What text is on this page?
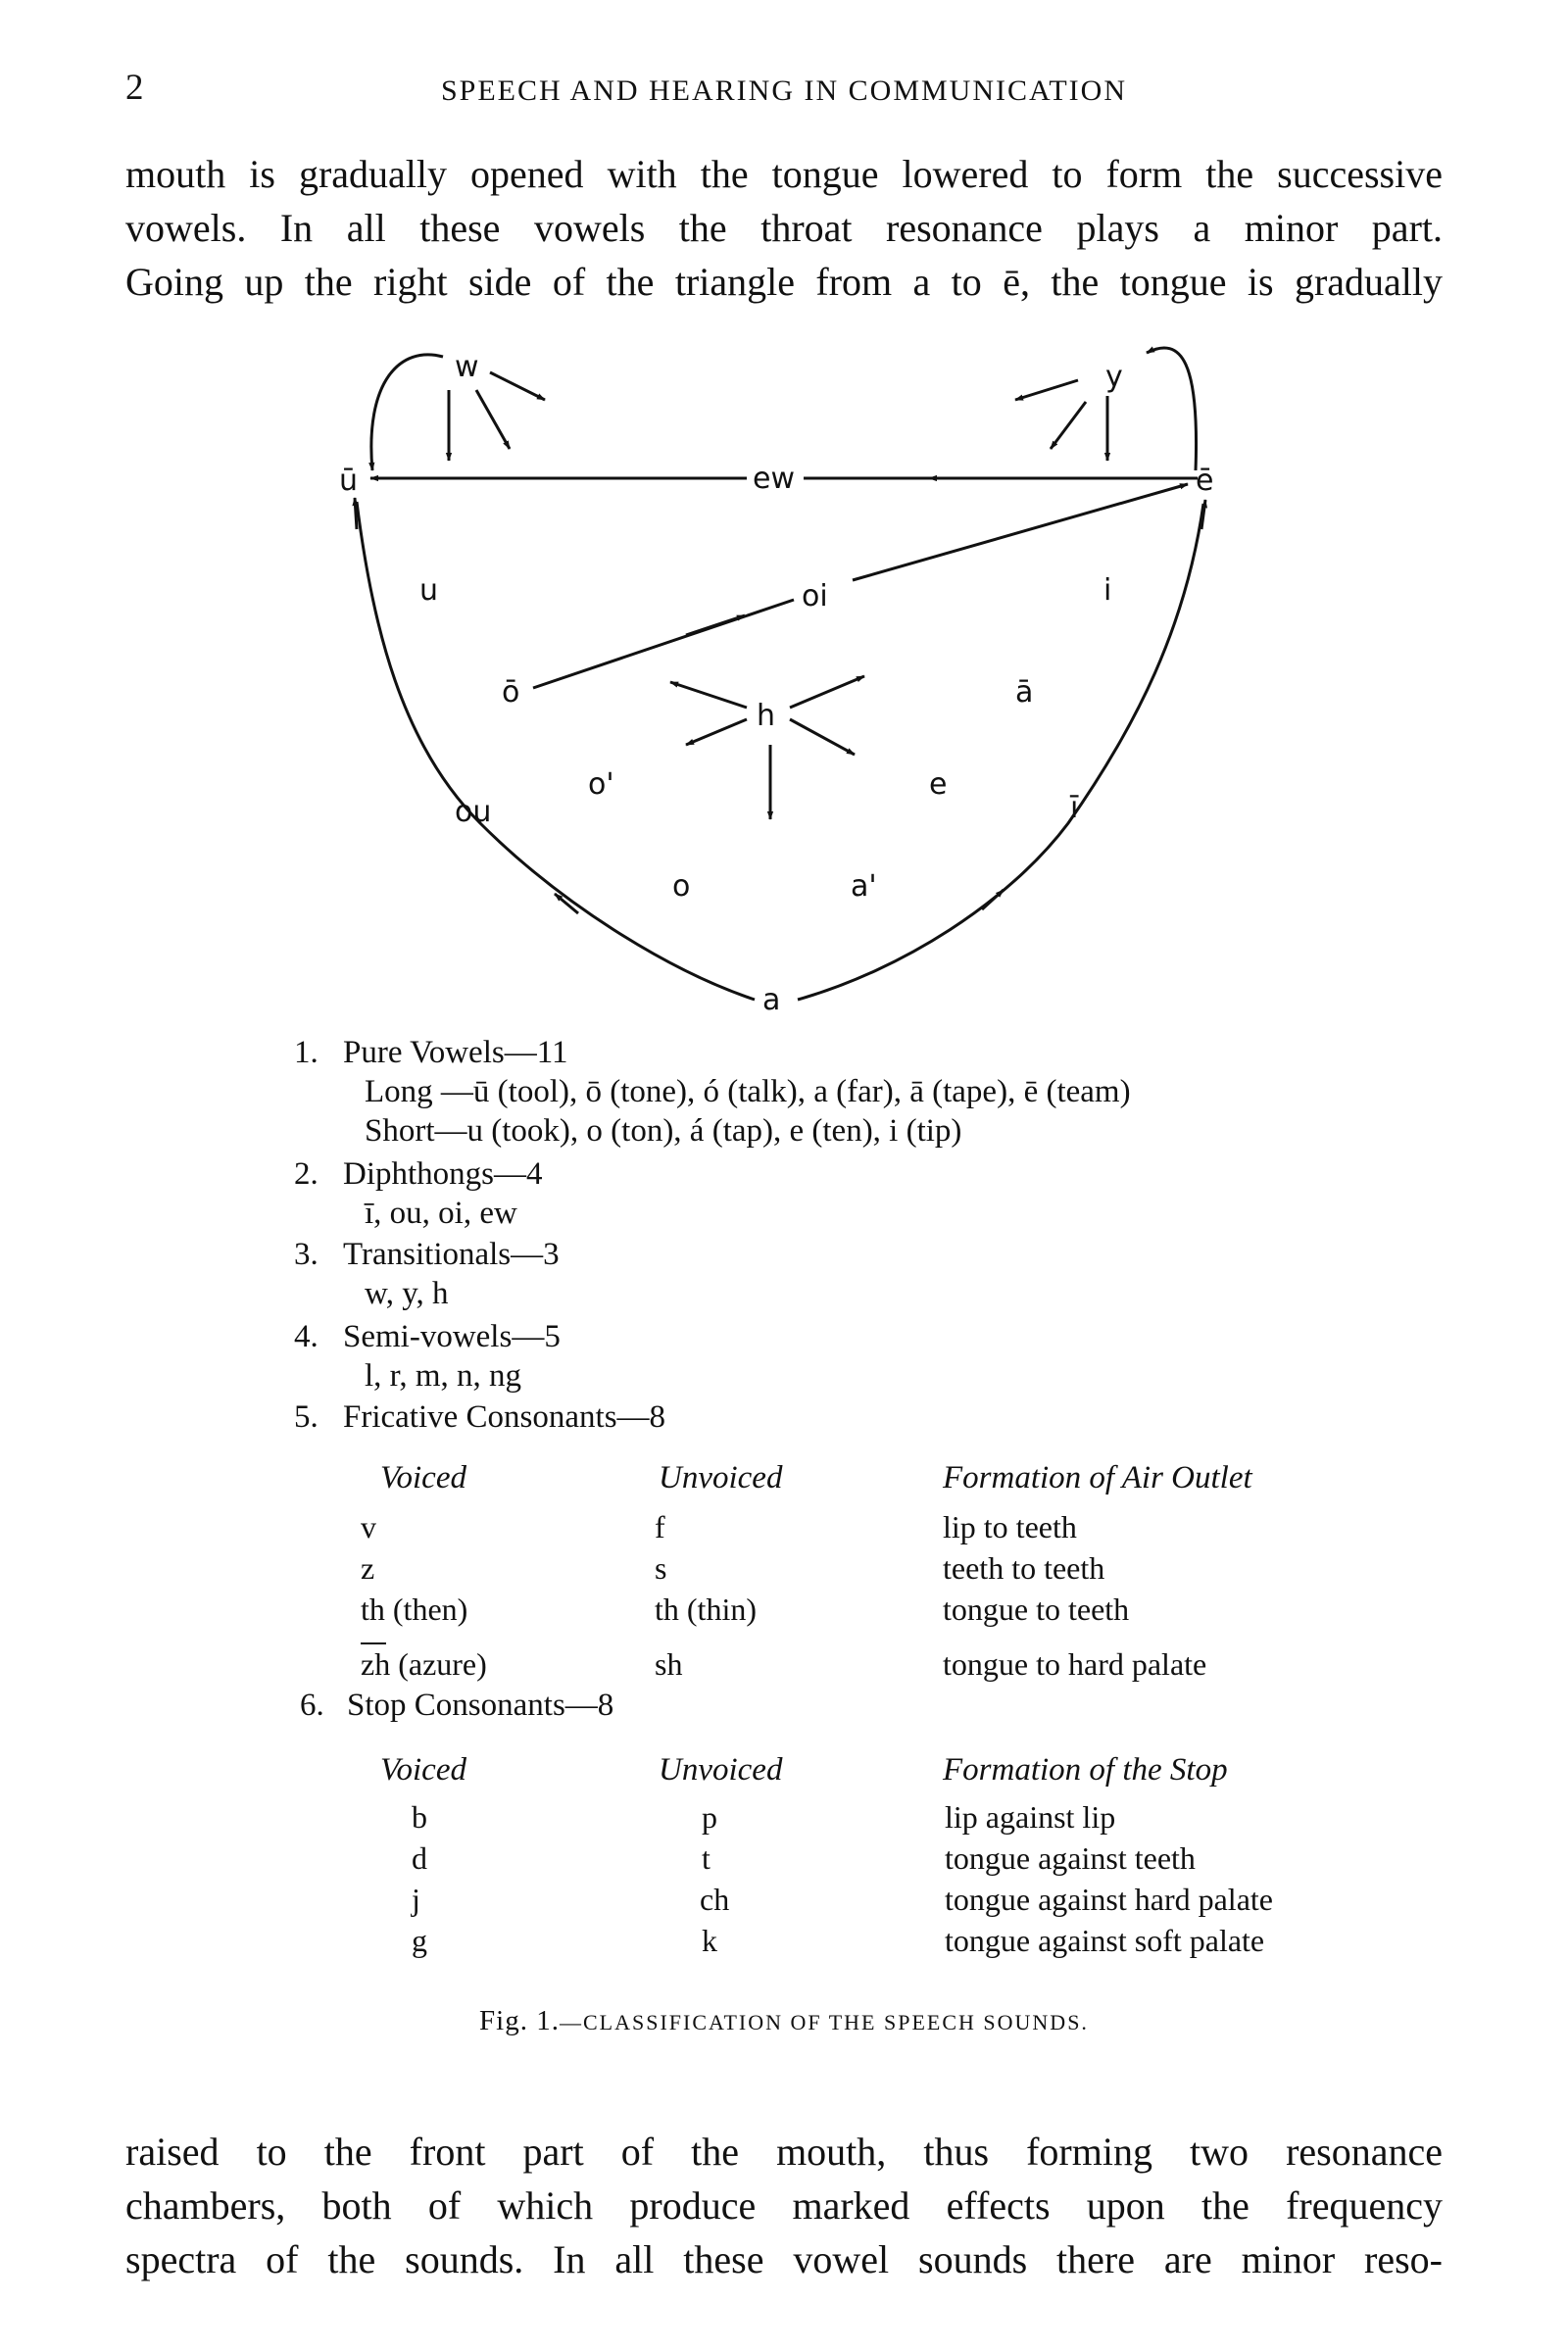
2	SPEECH AND HEARING IN COMMUNICATION
mouth is gradually opened with the tongue lowered to form the successive
vowels. In all these vowels the throat resonance plays a minor part.
Going up the right side of the triangle from a to ē, the tongue is gradually
w	y
ū	ew	ē
u	oi	i
ō
h
ā
o'	e
ou	ī
o	a'
a
1. Pure Vowels—11
Long —ū (tool), ō (tone), ó (talk), a (far), ā (tape), ē (team)
Short—u (took), o (ton), á (tap), e (ten), i (tip)
2. Diphthongs—4
ī, ou, oi, ew
3. Transitionals—3
w, y, h
4. Semi-vowels—5
l, r, m, n, ng
5. Fricative Consonants—8
Voiced	Unvoiced	Formation of Air Outlet
v	f	lip to teeth
z	s	teeth to teeth
th (then)	th (thin)	tongue to teeth
zh (azure)	sh	tongue to hard palate
6. Stop Consonants—8
Voiced	Unvoiced	Formation of the Stop
b	p	lip against lip
d	t	tongue against teeth
j	ch	tongue against hard palate
g	k	tongue against soft palate
Fig. 1.—CLASSIFICATION OF THE SPEECH SOUNDS.
raised to the front part of the mouth, thus forming two resonance
chambers, both of which produce marked effects upon the frequency
spectra of the sounds. In all these vowel sounds there are minor reso-
